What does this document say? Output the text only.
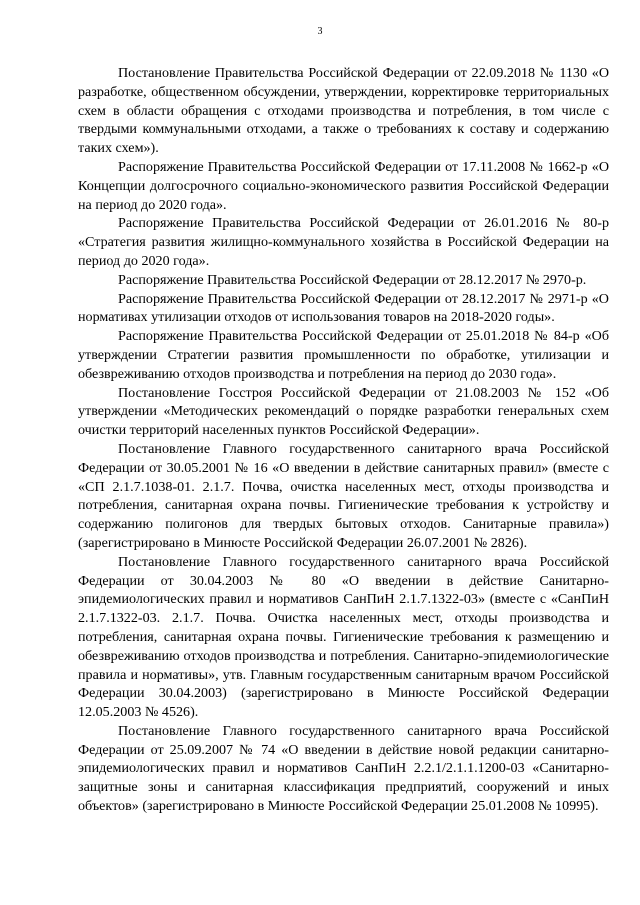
3

Постановление Правительства Российской Федерации от 22.09.2018 № 1130 «О разработке, общественном обсуждении, утверждении, корректировке территориальных схем в области обращения с отходами производства и потребления, в том числе с твердыми коммунальными отходами, а также о требованиях к составу и содержанию таких схем»).

Распоряжение Правительства Российской Федерации от 17.11.2008 № 1662-р «О Концепции долгосрочного социально-экономического развития Российской Федерации на период до 2020 года».

Распоряжение Правительства Российской Федерации от 26.01.2016 № 80-р «Стратегия развития жилищно-коммунального хозяйства в Российской Федерации на период до 2020 года».

Распоряжение Правительства Российской Федерации от 28.12.2017 № 2970-р.

Распоряжение Правительства Российской Федерации от 28.12.2017 № 2971-р «О нормативах утилизации отходов от использования товаров на 2018-2020 годы».

Распоряжение Правительства Российской Федерации от 25.01.2018 № 84-р «Об утверждении Стратегии развития промышленности по обработке, утилизации и обезвреживанию отходов производства и потребления на период до 2030 года».

Постановление Госстроя Российской Федерации от 21.08.2003 № 152 «Об утверждении «Методических рекомендаций о порядке разработки генеральных схем очистки территорий населенных пунктов Российской Федерации».

Постановление Главного государственного санитарного врача Российской Федерации от 30.05.2001 № 16 «О введении в действие санитарных правил» (вместе с «СП 2.1.7.1038-01. 2.1.7. Почва, очистка населенных мест, отходы производства и потребления, санитарная охрана почвы. Гигиенические требования к устройству и содержанию полигонов для твердых бытовых отходов. Санитарные правила») (зарегистрировано в Минюсте Российской Федерации 26.07.2001 № 2826).

Постановление Главного государственного санитарного врача Российской Федерации от 30.04.2003 № 80 «О введении в действие Санитарно-эпидемиологических правил и нормативов СанПиН 2.1.7.1322-03» (вместе с «СанПиН 2.1.7.1322-03. 2.1.7. Почва. Очистка населенных мест, отходы производства и потребления, санитарная охрана почвы. Гигиенические требования к размещению и обезвреживанию отходов производства и потребления. Санитарно-эпидемиологические правила и нормативы», утв. Главным государственным санитарным врачом Российской Федерации 30.04.2003) (зарегистрировано в Минюсте Российской Федерации 12.05.2003 № 4526).

Постановление Главного государственного санитарного врача Российской Федерации от 25.09.2007 № 74 «О введении в действие новой редакции санитарно-эпидемиологических правил и нормативов СанПиН 2.2.1/2.1.1.1200-03 «Санитарно-защитные зоны и санитарная классификация предприятий, сооружений и иных объектов» (зарегистрировано в Минюсте Российской Федерации 25.01.2008 № 10995).
